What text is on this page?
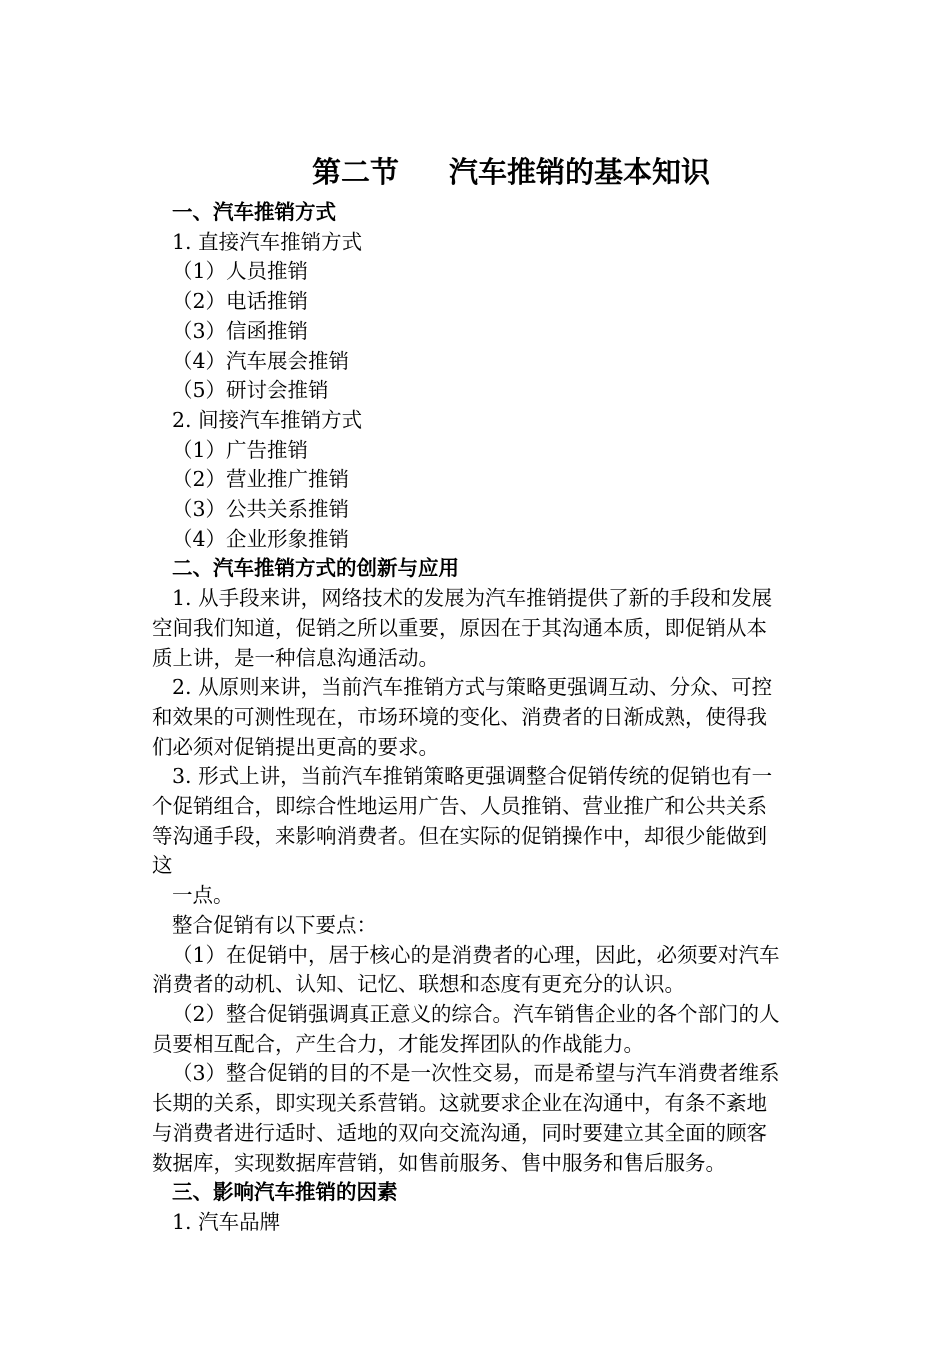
第二节 汽车推销的基本知识
一、汽车推销方式
1. 直接汽车推销方式
（1）人员推销
（2）电话推销
（3）信函推销
（4）汽车展会推销
（5）研讨会推销
2. 间接汽车推销方式
（1）广告推销
（2）营业推广推销
（3）公共关系推销
（4）企业形象推销
二、汽车推销方式的创新与应用
1. 从手段来讲，网络技术的发展为汽车推销提供了新的手段和发展
空间我们知道，促销之所以重要，原因在于其沟通本质，即促销从本
质上讲，是一种信息沟通活动。
2. 从原则来讲，当前汽车推销方式与策略更强调互动、分众、可控
和效果的可测性现在，市场环境的变化、消费者的日渐成熟，使得我
们必须对促销提出更高的要求。
3. 形式上讲，当前汽车推销策略更强调整合促销传统的促销也有一
个促销组合，即综合性地运用广告、人员推销、营业推广和公共关系
等沟通手段，来影响消费者。但在实际的促销操作中，却很少能做到
这
一点。
整合促销有以下要点：
（1）在促销中，居于核心的是消费者的心理，因此，必须要对汽车
消费者的动机、认知、记忆、联想和态度有更充分的认识。
（2）整合促销强调真正意义的综合。汽车销售企业的各个部门的人
员要相互配合，产生合力，才能发挥团队的作战能力。
（3）整合促销的目的不是一次性交易，而是希望与汽车消费者维系
长期的关系，即实现关系营销。这就要求企业在沟通中，有条不紊地
与消费者进行适时、适地的双向交流沟通，同时要建立其全面的顾客
数据库，实现数据库营销，如售前服务、售中服务和售后服务。
三、影响汽车推销的因素
1. 汽车品牌
